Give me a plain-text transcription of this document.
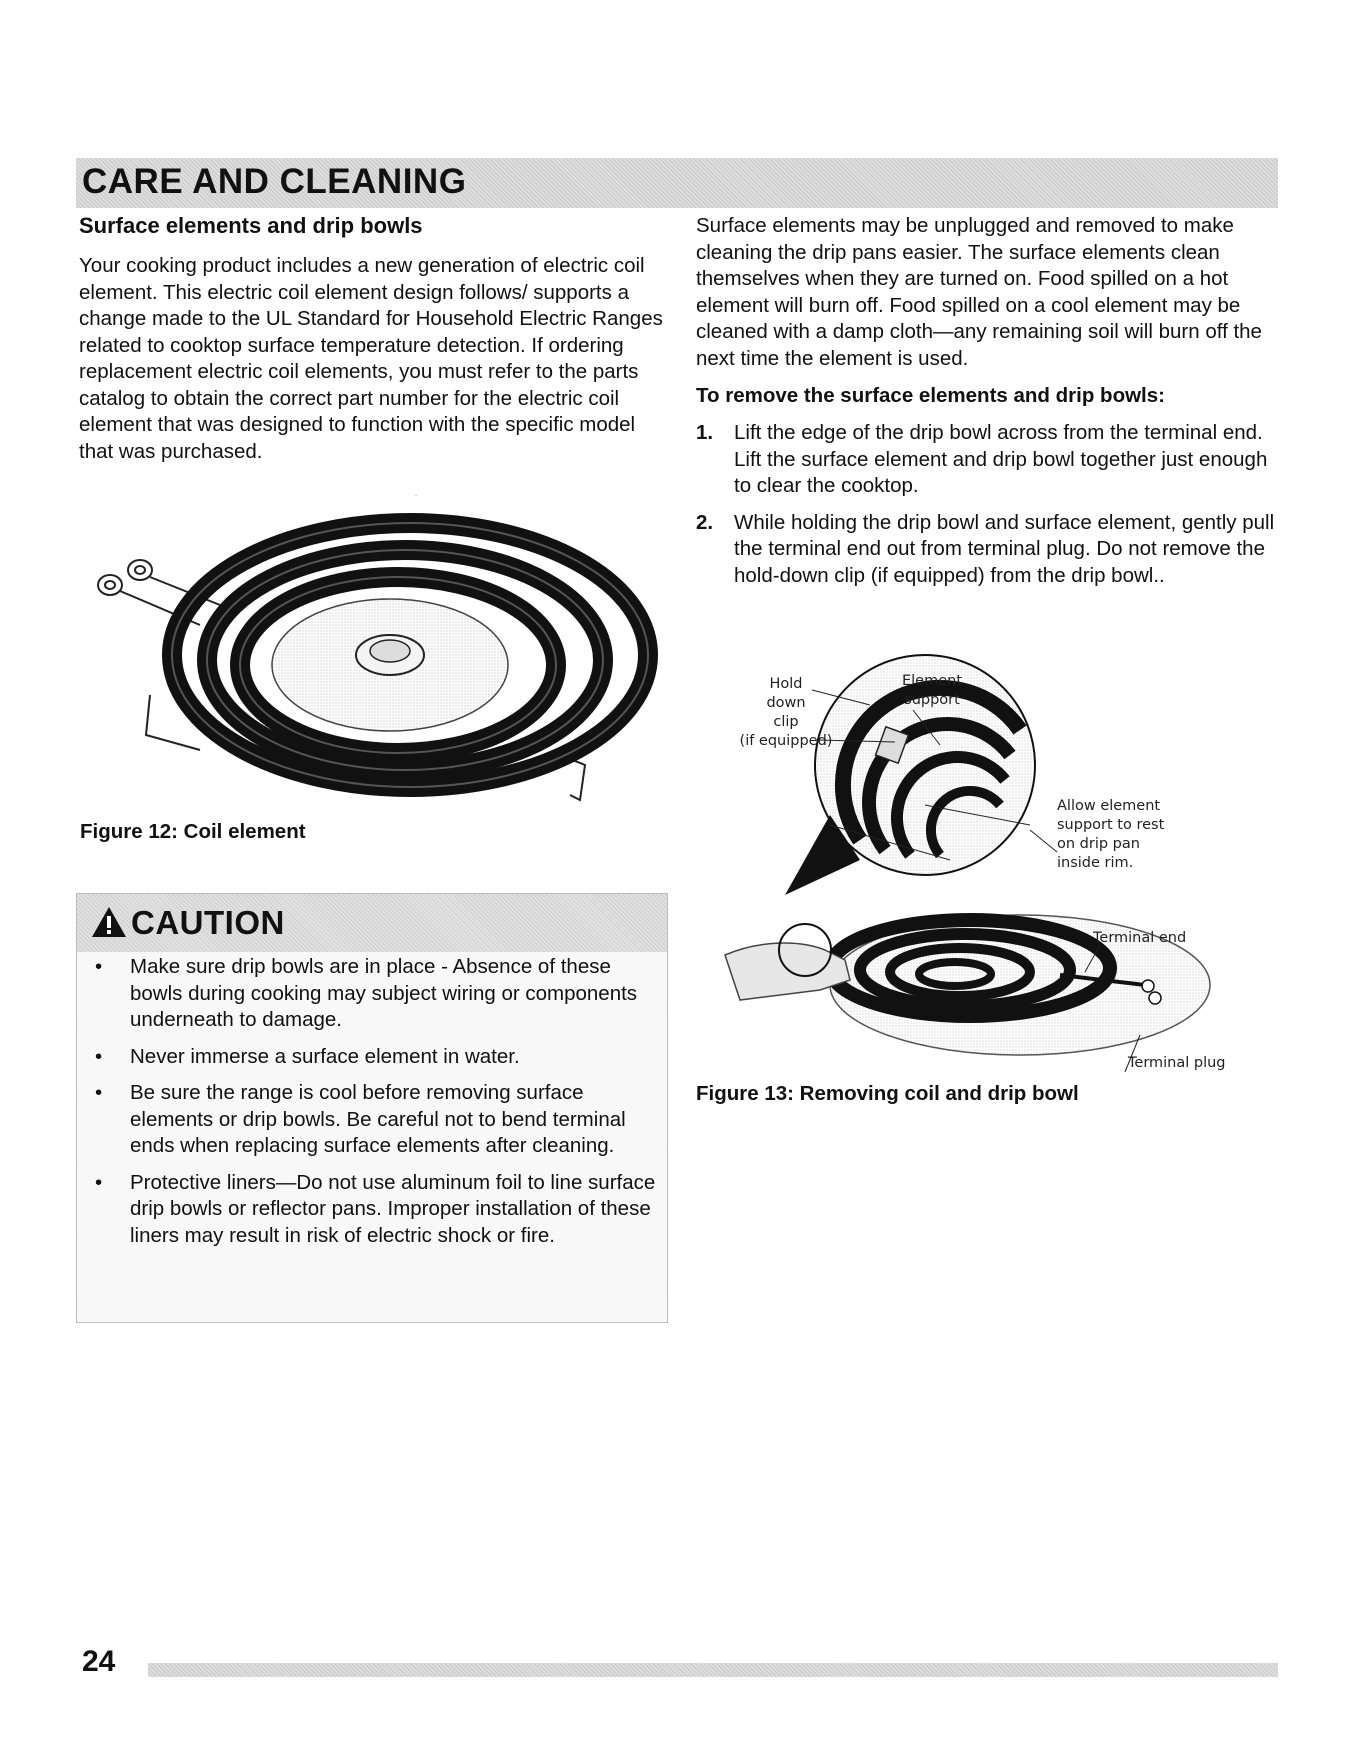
CARE AND CLEANING
Surface elements and drip bowls

Your cooking product includes a new generation of electric coil element. This electric coil element design follows/ supports a change made to the UL Standard for Household Electric Ranges related to cooktop surface temperature detection. If ordering replacement electric coil elements, you must refer to the parts catalog to obtain the correct part number for the electric coil element that was designed to function with the specific model that was purchased.

Figure 12: Coil element
CAUTION
• Make sure drip bowls are in place - Absence of these bowls during cooking may subject wiring or components underneath to damage.
• Never immerse a surface element in water.
• Be sure the range is cool before removing surface elements or drip bowls. Be careful not to bend terminal ends when replacing surface elements after cleaning.
• Protective liners—Do not use aluminum foil to line surface drip bowls or reflector pans. Improper installation of these liners may result in risk of electric shock or fire.

Surface elements may be unplugged and removed to make cleaning the drip pans easier. The surface elements clean themselves when they are turned on. Food spilled on a hot element will burn off. Food spilled on a cool element may be cleaned with a damp cloth—any remaining soil will burn off the next time the element is used.

To remove the surface elements and drip bowls:
1. Lift the edge of the drip bowl across from the terminal end. Lift the surface element and drip bowl together just enough to clear the cooktop.
2. While holding the drip bowl and surface element, gently pull the terminal end out from terminal plug. Do not remove the hold-down clip (if equipped) from the drip bowl..
Hold
down
clip
(if equipped)
Element
support
Allow element
support to rest
on drip pan
inside rim.
Terminal end
Terminal plug
Figure 13: Removing coil and drip bowl
24
